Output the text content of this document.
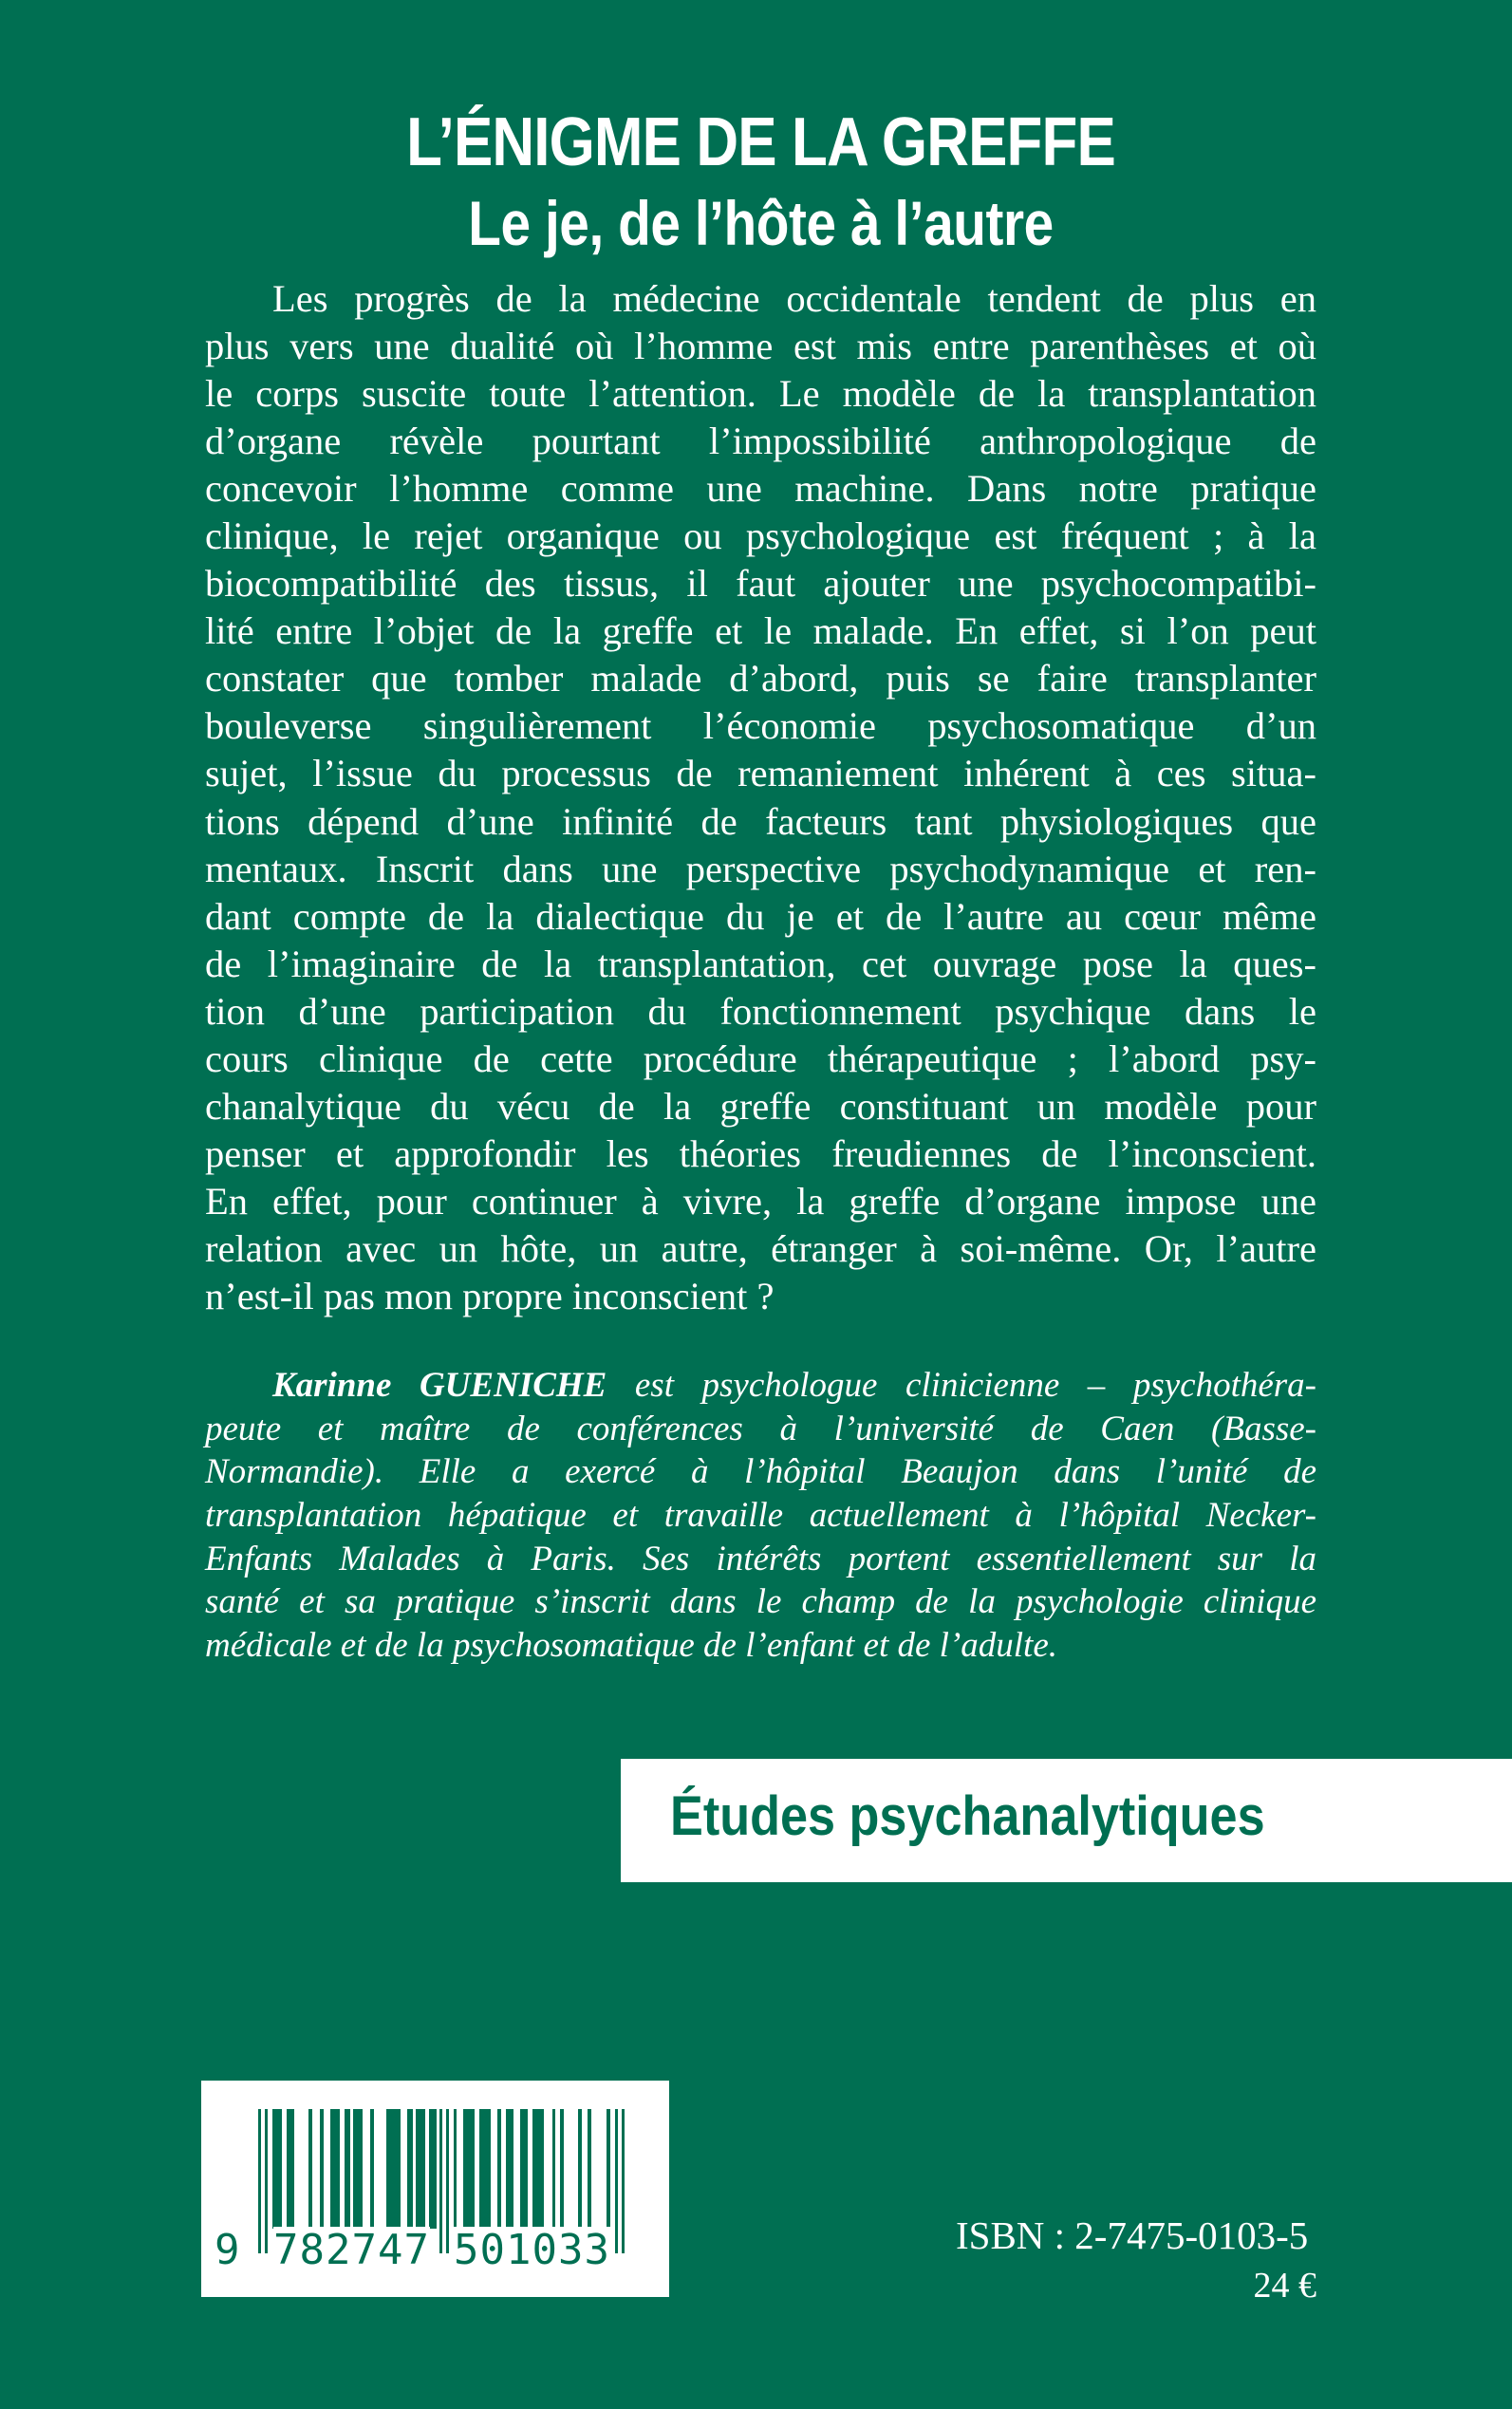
L’ÉNIGME DE LA GREFFE
Le je, de l’hôte à l’autre
Les progrès de la médecine occidentale tendent de plus en
plus vers une dualité où l’homme est mis entre parenthèses et où
le corps suscite toute l’attention. Le modèle de la transplantation
d’organe révèle pourtant l’impossibilité anthropologique de
concevoir l’homme comme une machine. Dans notre pratique
clinique, le rejet organique ou psychologique est fréquent ; à la
biocompatibilité des tissus, il faut ajouter une psychocompatibi-
lité entre l’objet de la greffe et le malade. En effet, si l’on peut
constater que tomber malade d’abord, puis se faire transplanter
bouleverse singulièrement l’économie psychosomatique d’un
sujet, l’issue du processus de remaniement inhérent à ces situa-
tions dépend d’une infinité de facteurs tant physiologiques que
mentaux. Inscrit dans une perspective psychodynamique et ren-
dant compte de la dialectique du je et de l’autre au cœur même
de l’imaginaire de la transplantation, cet ouvrage pose la ques-
tion d’une participation du fonctionnement psychique dans le
cours clinique de cette procédure thérapeutique ; l’abord psy-
chanalytique du vécu de la greffe constituant un modèle pour
penser et approfondir les théories freudiennes de l’inconscient.
En effet, pour continuer à vivre, la greffe d’organe impose une
relation avec un hôte, un autre, étranger à soi-même. Or, l’autre
n’est-il pas mon propre inconscient ?
Karinne GUENICHE est psychologue clinicienne – psychothéra-
peute et maître de conférences à l’université de Caen (Basse-
Normandie). Elle a exercé à l’hôpital Beaujon dans l’unité de
transplantation hépatique et travaille actuellement à l’hôpital Necker-
Enfants Malades à Paris. Ses intérêts portent essentiellement sur la
santé et sa pratique s’inscrit dans le champ de la psychologie clinique
médicale et de la psychosomatique de l’enfant et de l’adulte.
Études psychanalytiques
9 782747 501033	ISBN : 2-7475-0103-5

24 €
